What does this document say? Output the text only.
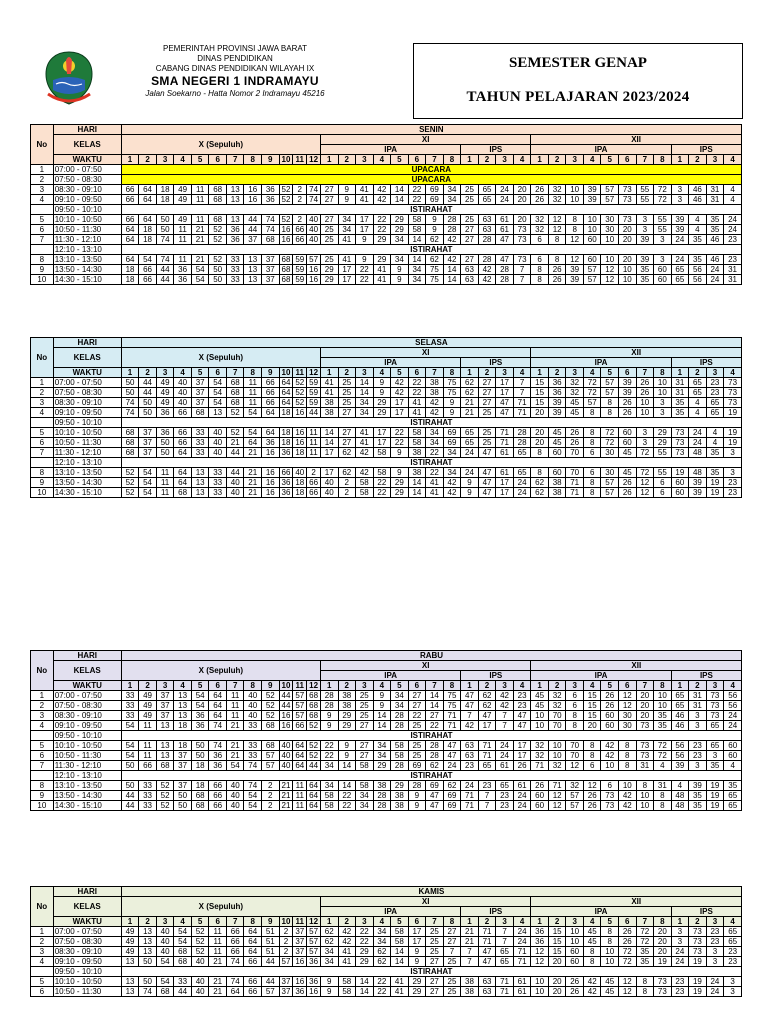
PEMERINTAH PROVINSI JAWA BARAT
DINAS PENDIDIKAN
CABANG DINAS PENDIDIKAN WILAYAH IX
SMA NEGERI 1 INDRAMAYU
Jalan Soekarno - Hatta Nomor 2 Indramayu 45216
SEMESTER GENAP
TAHUN PELAJARAN 2023/2024
No	HARI	SENIN																																			
	KELAS	X (Sepuluh)												XI												XII											
														IPA								IPS				IPA								IPS			
	WAKTU	1	2	3	4	5	6	7	8	9	10	11	12	1	2	3	4	5	6	7	8	1	2	3	4	1	2	3	4	5	6	7	8	1	2	3	4
1	07:00 - 07:50	UPACARA																																			
2	07:50 - 08:30	UPACARA																																			
3	08:30 - 09:10	66	64	18	49	11	68	13	16	36	52	2	74	27	9	41	42	14	22	69	34	25	65	24	20	26	32	10	39	57	73	55	72	3	46	31	4
4	09:10 - 09:50	66	64	18	49	11	68	13	16	36	52	2	74	27	9	41	42	14	22	69	34	25	65	24	20	26	32	10	39	57	73	55	72	3	46	31	4
	09:50 - 10:10	ISTIRAHAT																																			
5	10:10 - 10:50	66	64	50	49	11	68	13	44	74	52	2	40	27	34	17	22	29	58	9	28	25	63	61	20	32	12	8	10	30	73	3	55	39	4	35	24
6	10:50 - 11:30	64	18	50	11	21	52	36	44	74	16	66	40	25	34	17	22	29	58	9	28	27	63	61	73	32	12	8	10	30	20	3	55	39	4	35	24
7	11:30 - 12:10	64	18	74	11	21	52	36	37	68	16	66	40	25	41	9	29	34	14	62	42	27	28	47	73	6	8	12	60	10	20	39	3	24	35	46	23
	12:10 - 13:10	ISTIRAHAT																																			
8	13:10 - 13:50	64	54	74	11	21	52	33	13	37	68	59	57	25	41	9	29	34	14	62	42	27	28	47	73	6	8	12	60	10	20	39	3	24	35	46	23
9	13:50 - 14:30	18	66	44	36	54	50	33	13	37	68	59	16	29	17	22	41	9	34	75	14	63	42	28	7	8	26	39	57	12	10	35	60	65	56	24	31
10	14:30 - 15:10	18	66	44	36	54	50	33	13	37	68	59	16	29	17	22	41	9	34	75	14	63	42	28	7	8	26	39	57	12	10	35	60	65	56	24	31
No	HARI	SELASA																																			
	KELAS	X (Sepuluh)												XI												XII											
														IPA								IPS				IPA								IPS			
	WAKTU	1	2	3	4	5	6	7	8	9	10	11	12	1	2	3	4	5	6	7	8	1	2	3	4	1	2	3	4	5	6	7	8	1	2	3	4
1	07:00 - 07:50	50	44	49	40	37	54	68	11	66	64	52	59	41	25	14	9	42	22	38	75	62	27	17	7	15	36	32	72	57	39	26	10	31	65	23	73
2	07:50 - 08:30	50	44	49	40	37	54	68	11	66	64	52	59	41	25	14	9	42	22	38	75	62	27	17	7	15	36	32	72	57	39	26	10	31	65	23	73
3	08:30 - 09:10	74	50	49	40	37	54	68	11	66	64	52	59	38	25	34	29	17	41	42	9	21	27	47	71	15	39	45	57	8	26	10	3	35	4	65	73
4	09:10 - 09:50	74	50	36	66	68	13	52	54	64	18	16	44	38	27	34	29	17	41	42	9	21	25	47	71	20	39	45	8	8	26	10	3	35	4	65	19
	09:50 - 10:10	ISTIRAHAT																																			
5	10:10 - 10:50	68	37	36	66	33	40	52	54	64	18	16	11	14	27	41	17	22	58	34	69	65	25	71	28	20	45	26	8	72	60	3	29	73	24	4	19
6	10:50 - 11:30	68	37	50	66	33	40	21	64	36	18	16	11	14	27	41	17	22	58	34	69	65	25	71	28	20	45	26	8	72	60	3	29	73	24	4	19
7	11:30 - 12:10	68	37	50	64	33	40	44	21	16	36	18	11	17	62	42	58	9	38	22	34	24	47	61	65	8	60	70	6	30	45	72	55	73	48	35	3
	12:10 - 13:10	ISTIRAHAT																																			
8	13:10 - 13:50	52	54	11	64	13	33	44	21	16	66	40	2	17	62	42	58	9	38	22	34	24	47	61	65	8	60	70	6	30	45	72	55	19	48	35	3
9	13:50 - 14:30	52	54	11	64	13	33	40	21	16	36	18	66	40	2	58	22	29	14	41	42	9	47	17	24	62	38	71	8	57	26	12	6	60	39	19	23
10	14:30 - 15:10	52	54	11	68	13	33	40	21	16	36	18	66	40	2	58	22	29	14	41	42	9	47	17	24	62	38	71	8	57	26	12	6	60	39	19	23
No	HARI	RABU																																			
	KELAS	X (Sepuluh)												XI												XII											
														IPA								IPS				IPA								IPS			
	WAKTU	1	2	3	4	5	6	7	8	9	10	11	12	1	2	3	4	5	6	7	8	1	2	3	4	1	2	3	4	5	6	7	8	1	2	3	4
1	07:00 - 07:50	33	49	37	13	54	64	11	40	52	44	57	68	28	38	25	9	34	27	14	75	47	62	42	23	45	32	6	15	26	12	20	10	65	31	73	56
2	07:50 - 08:30	33	49	37	13	54	64	11	40	52	44	57	68	28	38	25	9	34	27	14	75	47	62	42	23	45	32	6	15	26	12	20	10	65	31	73	56
3	08:30 - 09:10	33	49	37	13	36	64	11	40	52	16	57	68	9	29	25	14	28	22	27	71	7	47	7	47	10	70	8	15	60	30	20	35	46	3	73	24
4	09:10 - 09:50	54	11	13	18	36	74	21	33	68	16	66	52	9	29	27	14	28	25	22	71	42	17	7	47	10	70	8	20	60	30	73	35	46	3	65	24
	09:50 - 10:10	ISTIRAHAT																																			
5	10:10 - 10:50	54	11	13	18	50	74	21	33	68	40	64	52	22	9	27	34	58	25	28	47	63	71	24	17	32	10	70	8	42	8	73	72	56	23	65	60
6	10:50 - 11:30	54	11	13	37	50	36	21	33	57	40	64	52	22	9	27	34	58	25	28	47	63	71	24	17	32	10	70	8	42	8	73	72	56	23	3	60
7	11:30 - 12:10	50	66	68	37	18	36	54	74	57	40	64	44	34	14	58	29	28	69	62	24	23	65	61	26	71	32	12	6	10	8	31	4	39	3	35	4
	12:10 - 13:10	ISTIRAHAT																																			
8	13:10 - 13:50	50	33	52	37	18	66	40	74	2	21	11	64	34	14	58	38	29	28	69	62	24	23	65	61	26	71	32	12	6	10	8	31	4	39	19	35
9	13:50 - 14:30	44	33	52	50	68	66	40	54	2	21	11	64	58	22	34	28	38	9	47	69	71	7	23	24	60	12	57	26	73	42	10	8	48	35	19	65
10	14:30 - 15:10	44	33	52	50	68	66	40	54	2	21	11	64	58	22	34	28	38	9	47	69	71	7	23	24	60	12	57	26	73	42	10	8	48	35	19	65
No	HARI	KAMIS																																			
	KELAS	X (Sepuluh)												XI												XII											
														IPA								IPS				IPA								IPS			
	WAKTU	1	2	3	4	5	6	7	8	9	10	11	12	1	2	3	4	5	6	7	8	1	2	3	4	1	2	3	4	5	6	7	8	1	2	3	4
1	07:00 - 07:50	49	13	40	54	52	11	66	64	51	2	37	57	62	42	22	34	58	17	25	27	21	71	7	24	36	15	10	45	8	26	72	20	3	73	23	65
2	07:50 - 08:30	49	13	40	54	52	11	66	64	51	2	37	57	62	42	22	34	58	17	25	27	21	71	7	24	36	15	10	45	8	26	72	20	3	73	23	65
3	08:30 - 09:10	49	13	40	68	52	11	66	64	51	2	37	57	34	41	29	62	14	9	25	7	7	47	65	71	12	15	60	8	10	72	35	20	24	73	3	23
4	09:10 - 09:50	13	50	54	68	40	21	74	66	44	57	16	36	34	41	29	62	14	9	27	25	7	47	65	71	12	20	60	8	10	72	35	19	24	19	3	23
	09:50 - 10:10	ISTIRAHAT																																			
5	10:10 - 10:50	13	50	54	33	40	21	74	66	44	37	16	36	9	58	14	22	41	29	27	25	38	63	71	61	10	20	26	42	45	12	8	73	23	19	24	3
6	10:50 - 11:30	13	74	68	44	40	21	64	66	57	37	36	16	9	58	14	22	41	29	27	25	38	63	71	61	10	20	26	42	45	12	8	73	23	19	24	3
